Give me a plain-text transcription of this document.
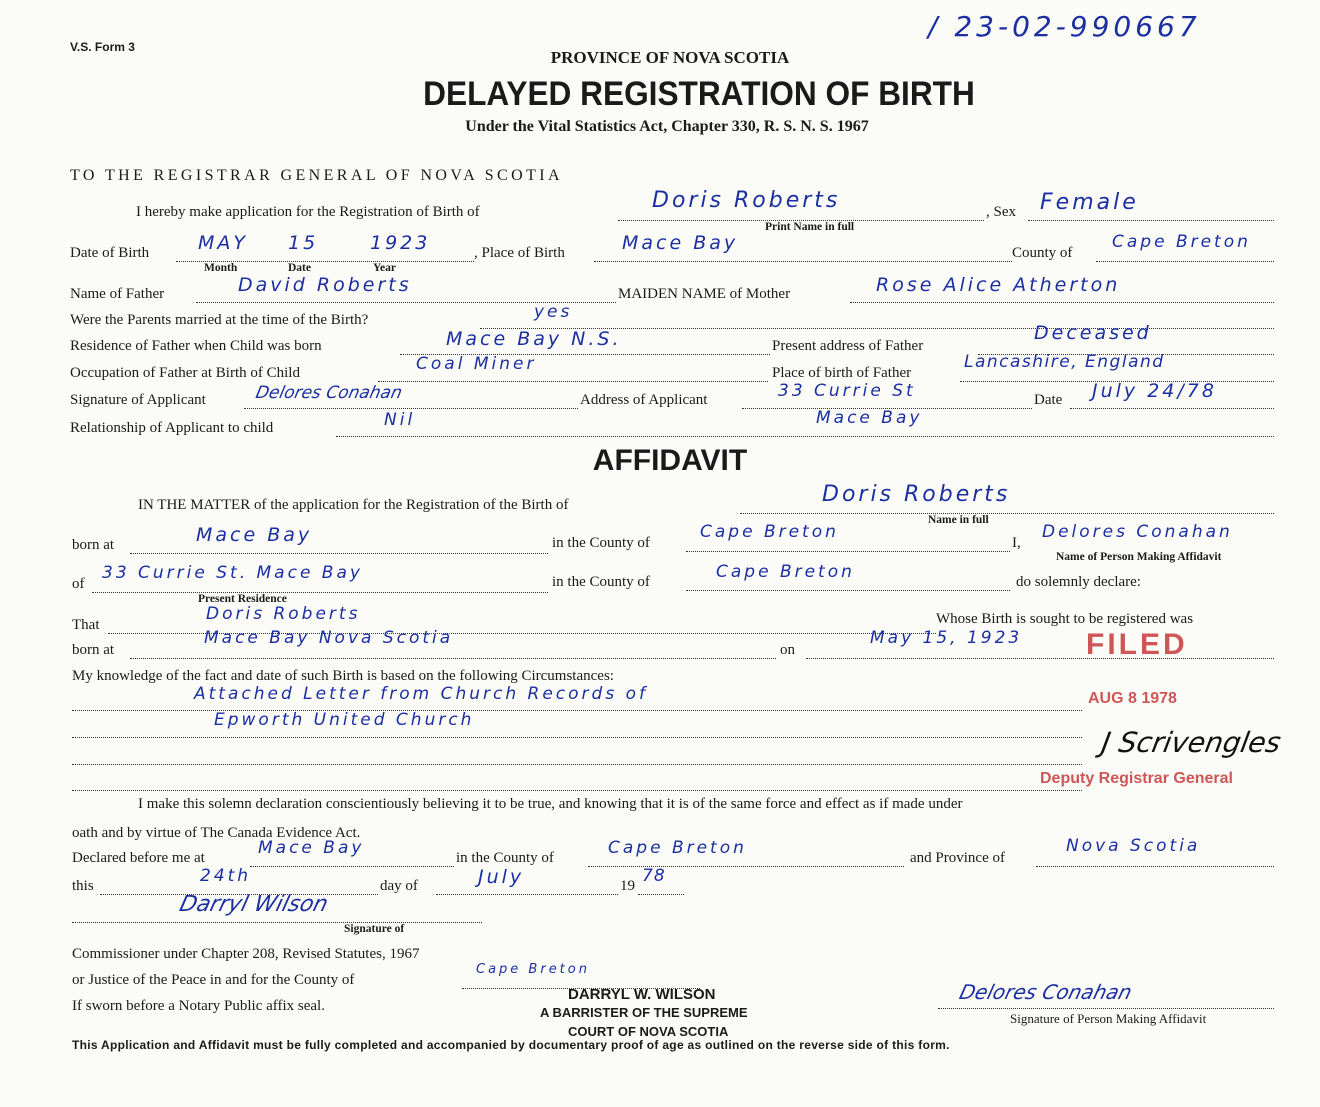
V.S. Form 3
/ 23-02-990667
PROVINCE OF NOVA SCOTIA
DELAYED REGISTRATION OF BIRTH
Under the Vital Statistics Act, Chapter 330, R. S. N. S. 1967
TO THE REGISTRAR GENERAL OF NOVA SCOTIA
I hereby make application for the Registration of Birth of	Doris Roberts
Print Name in full
, Sex Female
Date of Birth	MAY 15	1923
Month	Date	Year
, Place of Birth	Mace Bay	County of
Cape Breton
Name of Father	David Roberts	MAIDEN NAME of Mother	Rose Alice Atherton
Were the Parents married at the time of the Birth?	yes
Residence of Father when Child was born	Mace Bay N.S.	Present address of Father
Deceased
Occupation of Father at Birth of Child	Coal Miner	Place of birth of Father
Lancashire, England
Signature of Applicant	Delores Conahan	Address of Applicant	33 Currie St	Date July 24/78
Relationship of Applicant to child	Nil	Mace Bay
AFFIDAVIT
IN THE MATTER of the application for the Registration of the Birth of	Doris Roberts
Name in full
born at	Mace Bay	in the County of
Cape Breton
I,
Delores Conahan
Name of Person Making Affidavit
of
33 Currie St. Mace Bay
Present Residence
in the County of	Cape Breton	do solemnly declare:
That
Doris Roberts	Whose Birth is sought to be registered was
born at
Mace Bay Nova Scotia
on
May 15, 1923
My knowledge of the fact and date of such Birth is based on the following Circumstances:
Attached Letter from Church Records of
Epworth United Church
FILED
AUG 8 1978
J Scrivengles
Deputy Registrar General
I make this solemn declaration conscientiously believing it to be true, and knowing that it is of the same force and effect as if made under
oath and by virtue of The Canada Evidence Act.
Declared before me at	Mace Bay	in the County of	Cape Breton	and Province of
Nova Scotia
this	24th	day of	July	19 78
Darryl Wilson
Signature of
Commissioner under Chapter 208, Revised Statutes, 1967
or Justice of the Peace in and for the County of
Cape Breton
If sworn before a Notary Public affix seal.
DARRYL W. WILSON
A BARRISTER OF THE SUPREME
COURT OF NOVA SCOTIA
Delores Conahan
Signature of Person Making Affidavit
This Application and Affidavit must be fully completed and accompanied by documentary proof of age as outlined on the reverse side of this form.
